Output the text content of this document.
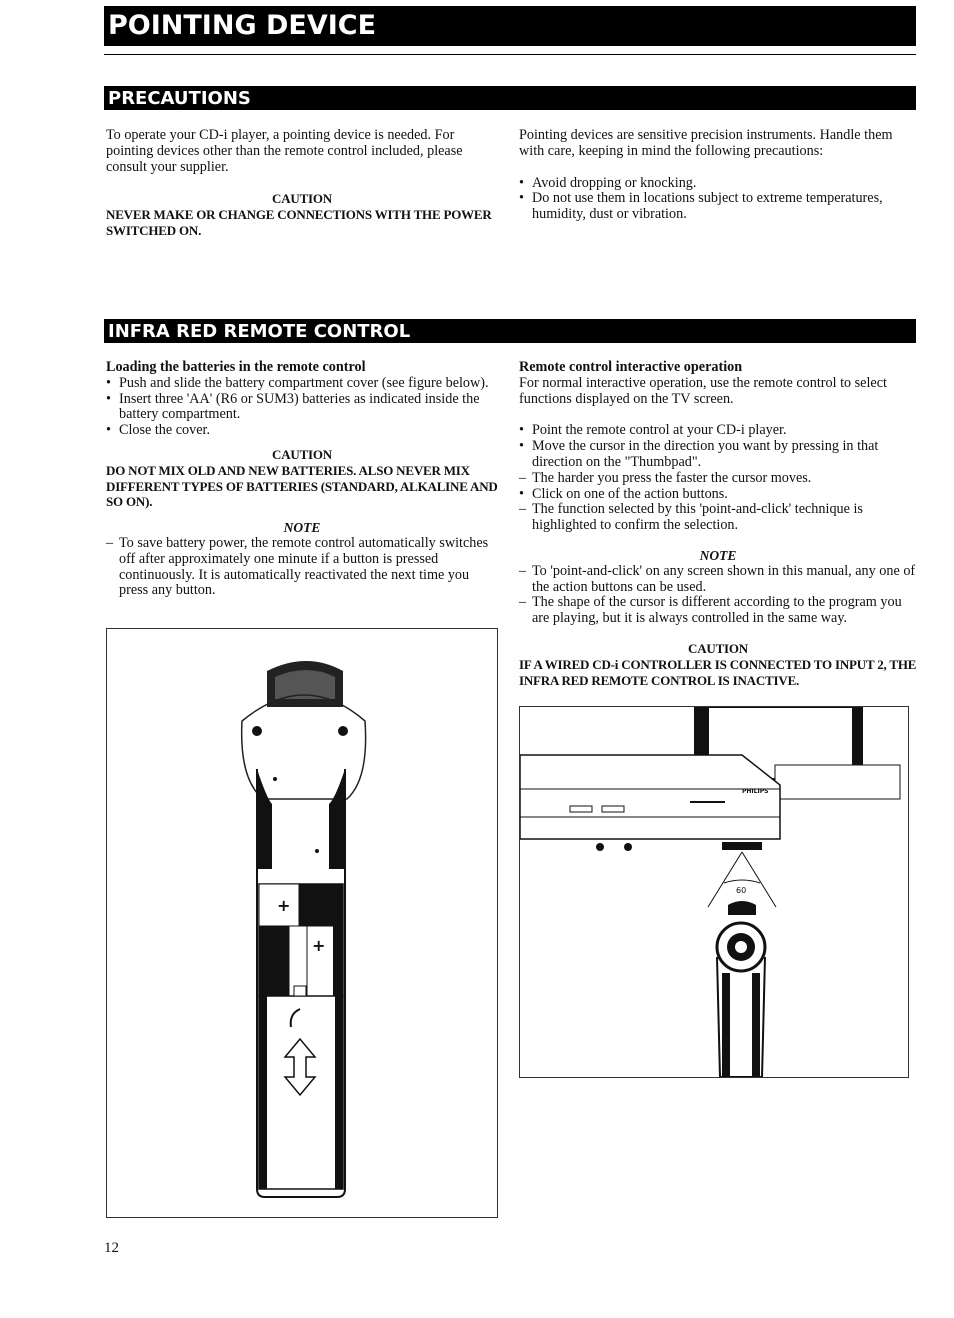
POINTING DEVICE
PRECAUTIONS

To operate your CD-i player, a pointing device is needed. For pointing devices other than the remote control included, please consult your supplier.

CAUTION

NEVER MAKE OR CHANGE CONNECTIONS WITH THE POWER SWITCHED ON.

Pointing devices are sensitive precision instruments. Handle them with care, keeping in mind the following precautions:

• Avoid dropping or knocking.
• Do not use them in locations subject to extreme temperatures, humidity, dust or vibration.
INFRA RED REMOTE CONTROL

Loading the batteries in the remote control

• Push and slide the battery compartment cover (see figure below).
• Insert three 'AA' (R6 or SUM3) batteries as indicated inside the battery compartment.
• Close the cover.

CAUTION

DO NOT MIX OLD AND NEW BATTERIES. ALSO NEVER MIX DIFFERENT TYPES OF BATTERIES (STANDARD, ALKALINE AND SO ON).

NOTE

– To save battery power, the remote control automatically switches off after approximately one minute if a button is pressed continuously. It is automatically reactivated the next time you press any button.

Remote control interactive operation

For normal interactive operation, use the remote control to select functions displayed on the TV screen.

• Point the remote control at your CD-i player.
• Move the cursor in the direction you want by pressing in that direction on the "Thumbpad".
– The harder you press the faster the cursor moves.
• Click on one of the action buttons.
– The function selected by this 'point-and-click' technique is highlighted to confirm the selection.

NOTE

– To 'point-and-click' on any screen shown in this manual, any one of the action buttons can be used.
– The shape of the cursor is different according to the program you are playing, but it is always controlled in the same way.

CAUTION

IF A WIRED CD-i CONTROLLER IS CONNECTED TO INPUT 2, THE INFRA RED REMOTE CONTROL IS INACTIVE.

+
+
PHILIPS
60
12
